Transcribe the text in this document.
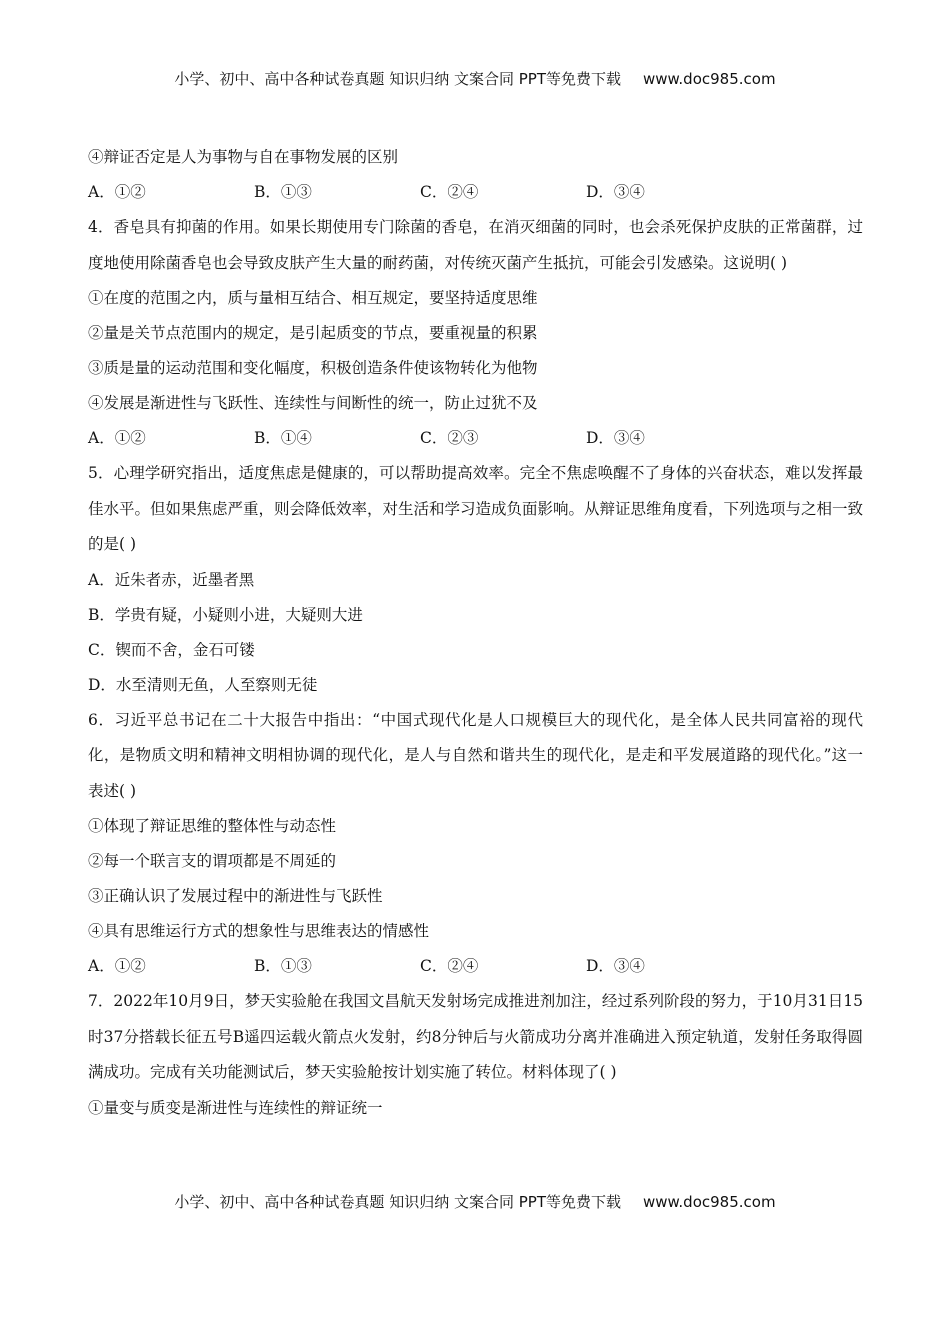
小学、初中、高中各种试卷真题 知识归纳 文案合同 PPT等免费下载 www.doc985.com
④辩证否定是人为事物与自在事物发展的区别
A．①②	B．①③	C．②④	D．③④
4．香皂具有抑菌的作用。如果长期使用专门除菌的香皂，在消灭细菌的同时，也会杀死保护皮肤的正常菌群，过度地使用除菌香皂也会导致皮肤产生大量的耐药菌，对传统灭菌产生抵抗，可能会引发感染。这说明( )
①在度的范围之内，质与量相互结合、相互规定，要坚持适度思维
②量是关节点范围内的规定，是引起质变的节点，要重视量的积累
③质是量的运动范围和变化幅度，积极创造条件使该物转化为他物
④发展是渐进性与飞跃性、连续性与间断性的统一，防止过犹不及
A．①②	B．①④	C．②③	D．③④
5．心理学研究指出，适度焦虑是健康的，可以帮助提高效率。完全不焦虑唤醒不了身体的兴奋状态，难以发挥最佳水平。但如果焦虑严重，则会降低效率，对生活和学习造成负面影响。从辩证思维角度看，下列选项与之相一致的是( )
A．近朱者赤，近墨者黑
B．学贵有疑，小疑则小进，大疑则大进
C．锲而不舍，金石可镂
D．水至清则无鱼，人至察则无徒
6．习近平总书记在二十大报告中指出：“中国式现代化是人口规模巨大的现代化，是全体人民共同富裕的现代化，是物质文明和精神文明相协调的现代化，是人与自然和谐共生的现代化，是走和平发展道路的现代化。”这一表述( )
①体现了辩证思维的整体性与动态性
②每一个联言支的谓项都是不周延的
③正确认识了发展过程中的渐进性与飞跃性
④具有思维运行方式的想象性与思维表达的情感性
A．①②	B．①③	C．②④	D．③④
7．2022年10月9日，梦天实验舱在我国文昌航天发射场完成推进剂加注，经过系列阶段的努力，于10月31日15时37分搭载长征五号B遥四运载火箭点火发射，约8分钟后与火箭成功分离并准确进入预定轨道，发射任务取得圆满成功。完成有关功能测试后，梦天实验舱按计划实施了转位。材料体现了( )
①量变与质变是渐进性与连续性的辩证统一
小学、初中、高中各种试卷真题 知识归纳 文案合同 PPT等免费下载 www.doc985.com
